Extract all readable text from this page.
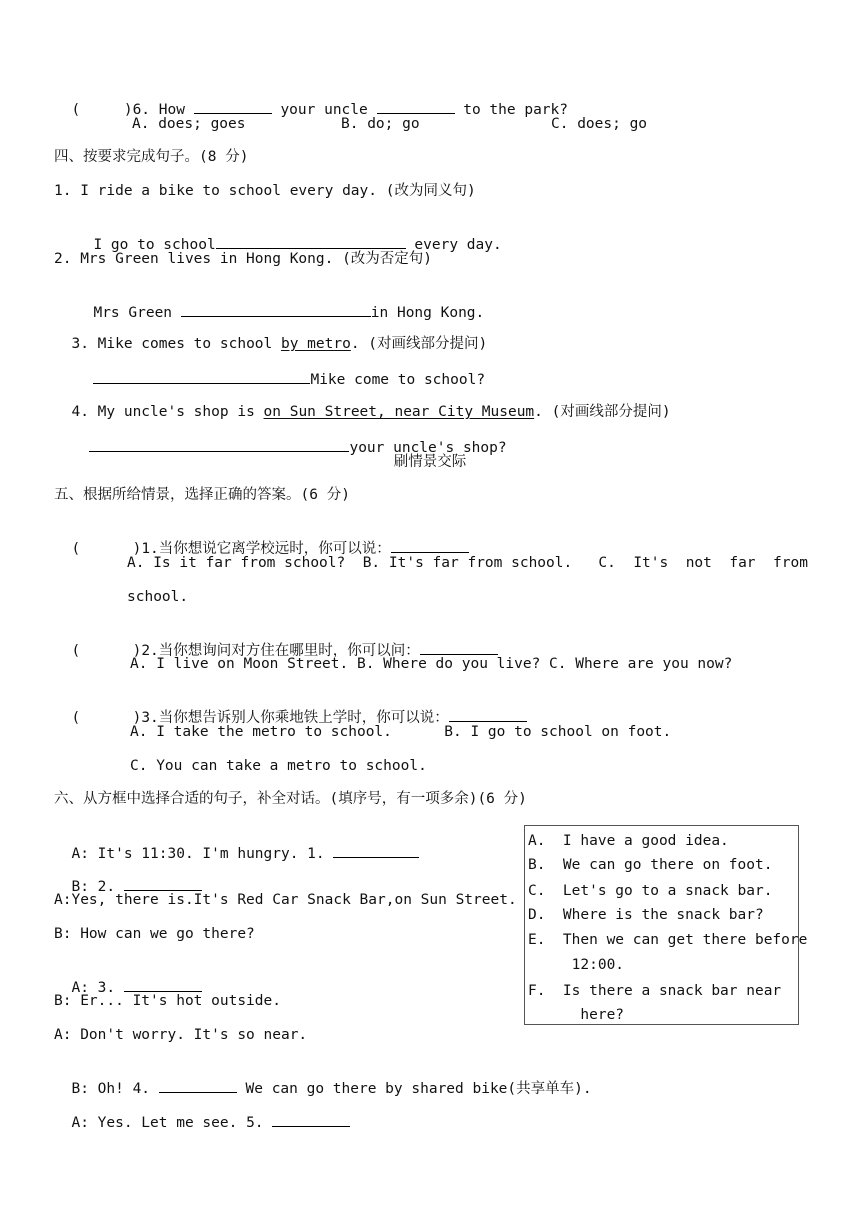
(     )6. How	your uncle	to the park?

A. does; goes	B. do; go	C. does; go
四、按要求完成句子。(8 分)
1. I ride a bike to school every day. (改为同义句)

I go to school	every day.

2. Mrs Green lives in Hong Kong. (改为否定句)

Mrs Green	in Hong Kong.

3. Mike comes to school by metro. (对画线部分提问)

Mike come to school?

4. My uncle's shop is on Sun Street, near City Museum. (对画线部分提问)

your uncle's shop?

刷情景交际
五、根据所给情景，选择正确的答案。(6 分)

(      )1.当你想说它离学校远时，你可以说：

A. Is it far from school?  B. It's far from school.   C.  It's  not  far  from
school.

(      )2.当你想询问对方住在哪里时，你可以问：

A. I live on Moon Street. B. Where do you live? C. Where are you now?

(      )3.当你想告诉别人你乘地铁上学时，你可以说：

A. I take the metro to school.      B. I go to school on foot.
C. You can take a metro to school.
六、从方框中选择合适的句子，补全对话。(填序号，有一项多余)(6 分)

A: It's 11:30. I'm hungry. 1.

B: 2.

A:Yes, there is.It's Red Car Snack Bar,on Sun Street.
B: How can we go there?

A: 3.

B: Er... It's hot outside.
A: Don't worry. It's so near.

B: Oh! 4.	We can go there by shared bike(共享单车).

A: Yes. Let me see. 5.

A.  I have a good idea.
B.  We can go there on foot.
C.  Let's go to a snack bar.
D.  Where is the snack bar?
E.  Then we can get there before
12:00.
F.  Is there a snack bar near
here?
